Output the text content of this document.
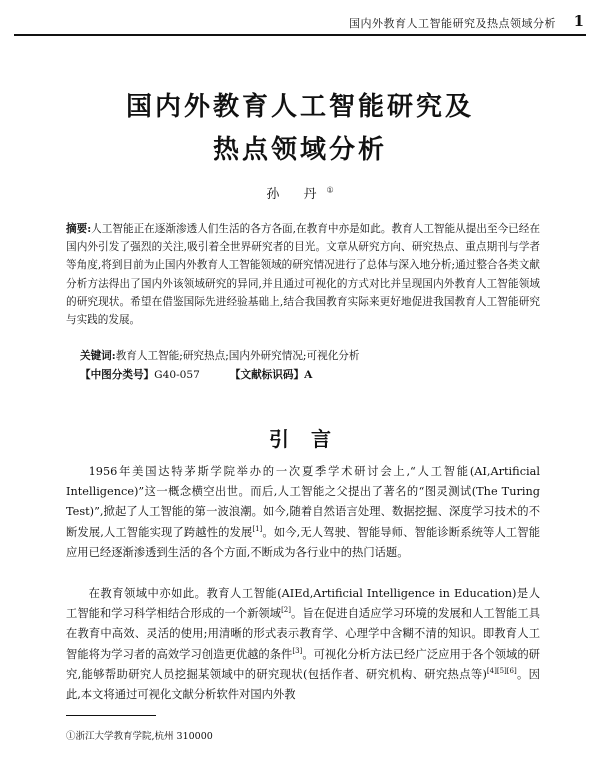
国内外教育人工智能研究及热点领域分析 1
国内外教育人工智能研究及
热点领域分析
孙 丹①

摘要:人工智能正在逐渐渗透人们生活的各方各面,在教育中亦是如此。教育人工智能从提出至今已经在国内外引发了强烈的关注,吸引着全世界研究者的目光。文章从研究方向、研究热点、重点期刊与学者等角度,将到目前为止国内外教育人工智能领域的研究情况进行了总体与深入地分析;通过整合各类文献分析方法得出了国内外该领域研究的异同,并且通过可视化的方式对比并呈现国内外教育人工智能领域的研究现状。希望在借鉴国际先进经验基础上,结合我国教育实际来更好地促进我国教育人工智能研究与实践的发展。

关键词:教育人工智能;研究热点;国内外研究情况;可视化分析

【中图分类号】G40-057	【文献标识码】A

引言

1956年美国达特茅斯学院举办的一次夏季学术研讨会上,“人工智能(AI,Artificial Intelligence)”这一概念横空出世。而后,人工智能之父提出了著名的“图灵测试(The Turing Test)”,掀起了人工智能的第一波浪潮。如今,随着自然语言处理、数据挖掘、深度学习技术的不断发展,人工智能实现了跨越性的发展[1]。如今,无人驾驶、智能导师、智能诊断系统等人工智能应用已经逐渐渗透到生活的各个方面,不断成为各行业中的热门话题。

在教育领域中亦如此。教育人工智能(AIEd,Artificial Intelligence in Education)是人工智能和学习科学相结合形成的一个新领域[2]。旨在促进自适应学习环境的发展和人工智能工具在教育中高效、灵活的使用;用清晰的形式表示教育学、心理学中含糊不清的知识。即教育人工智能将为学习者的高效学习创造更优越的条件[3]。可视化分析方法已经广泛应用于各个领域的研究,能够帮助研究人员挖掘某领域中的研究现状(包括作者、研究机构、研究热点等)[4][5][6]。因此,本文将通过可视化文献分析软件对国内外教

①浙江大学教育学院,杭州 310000
